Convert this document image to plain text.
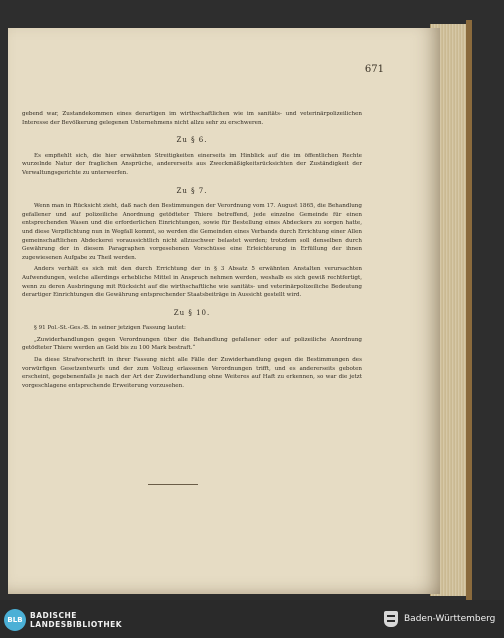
671

gebend war, Zustandekommen eines derartigen im wirthschaftlichen wie im sanitäts- und veterinärpolizeilichen Interesse der Bevölkerung gelegenen Unternehmens nicht allzu sehr zu erschweren.

Zu § 6.

Es empfiehlt sich, die hier erwähnten Streitigkeiten einerseits im Hinblick auf die im öffentlichen Rechte wurzelnde Natur der fraglichen Ansprüche, andererseits aus Zweckmäßigkeitsrücksichten der Zuständigkeit der Verwaltungsgerichte zu unterwerfen.

Zu § 7.

Wenn man in Rücksicht zieht, daß nach den Bestimmungen der Verordnung vom 17. August 1865, die Behandlung gefallener und auf polizeiliche Anordnung getödteter Thiere betreffend, jede einzelne Gemeinde für einen entsprechenden Wasen und die erforderlichen Einrichtungen, sowie für Bestellung eines Abdeckers zu sorgen hatte, und diese Verpflichtung nun in Wegfall kommt, so werden die Gemeinden eines Verbands durch Errichtung einer Allen gemeinschaftlichen Abdeckerei voraussichtlich nicht allzuschwer belastet werden; trotzdem soll denselben durch Gewährung der in diesem Paragraphen vorgesehenen Vorschüsse eine Erleichterung in Erfüllung der ihnen zugewiesenen Aufgabe zu Theil werden.

Anders verhält es sich mit den durch Errichtung der in § 3 Absatz 5 erwähnten Anstalten verursachten Aufwendungen, welche allerdings erhebliche Mittel in Anspruch nehmen werden, weshalb es sich gewiß rechtfertigt, wenn zu deren Ausbringung mit Rücksicht auf die wirthschaftliche wie sanitäts- und veterinärpolizeiliche Bedeutung derartiger Einrichtungen die Gewährung entsprechender Staatsbeiträge in Aussicht gestellt wird.

Zu § 10.

§ 91 Pol.-St.-Ges.-B. in seiner jetzigen Fassung lautet:

„Zuwiderhandlungen gegen Verordnungen über die Behandlung gefallener oder auf polizeiliche Anordnung getödteter Thiere werden an Geld bis zu 100 Mark bestraft.“

Da diese Strafvorschrift in ihrer Fassung nicht alle Fälle der Zuwiderhandlung gegen die Bestimmungen des vorwürfigen Gesetzentwurfs und der zum Vollzug erlassenen Verordnungen trifft, und es andererseits geboten erscheint, gegebenenfalls je nach der Art der Zuwiderhandlung ohne Weiteres auf Haft zu erkennen, so war die jetzt vorgeschlagene entsprechende Erweiterung vorzusehen.

BLB BADISCHE
LANDESBIBLIOTHEK
Baden-Württemberg
